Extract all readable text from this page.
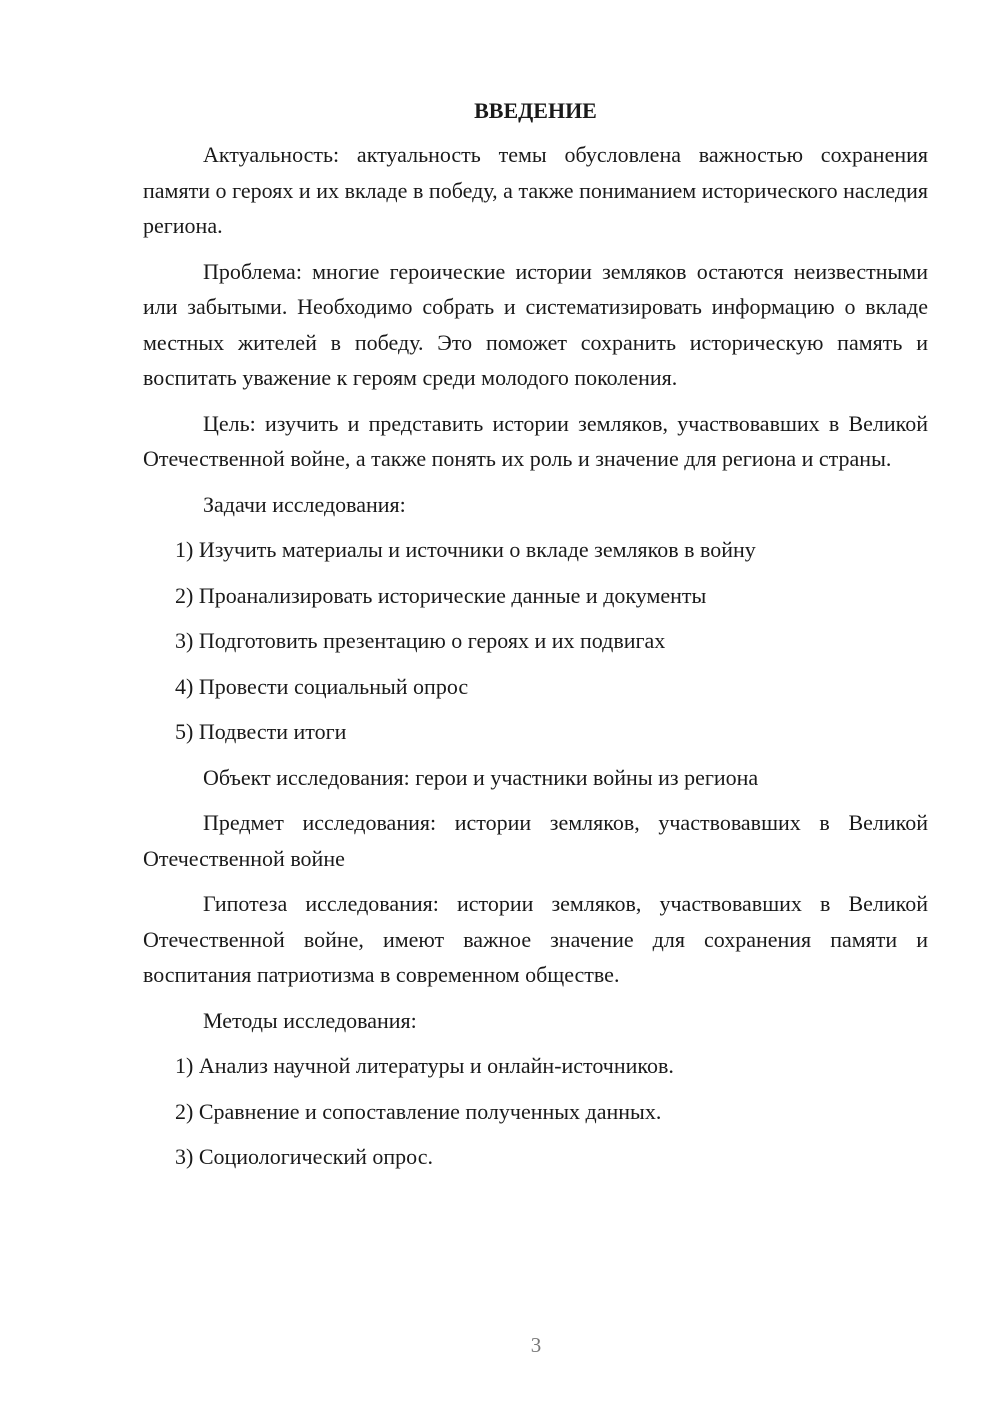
ВВЕДЕНИЕ

Актуальность: актуальность темы обусловлена важностью сохранения памяти о героях и их вкладе в победу, а также пониманием исторического наследия региона.

Проблема: многие героические истории земляков остаются неизвестными или забытыми. Необходимо собрать и систематизировать информацию о вкладе местных жителей в победу. Это поможет сохранить историческую память и воспитать уважение к героям среди молодого поколения.

Цель: изучить и представить истории земляков, участвовавших в Великой Отечественной войне, а также понять их роль и значение для региона и страны.

Задачи исследования:

1) Изучить материалы и источники о вкладе земляков в войну

2) Проанализировать исторические данные и документы

3) Подготовить презентацию о героях и их подвигах

4) Провести социальный опрос

5) Подвести итоги

Объект исследования: герои и участники войны из региона

Предмет исследования: истории земляков, участвовавших в Великой Отечественной войне

Гипотеза исследования: истории земляков, участвовавших в Великой Отечественной войне, имеют важное значение для сохранения памяти и воспитания патриотизма в современном обществе.

Методы исследования:

1) Анализ научной литературы и онлайн-источников.

2) Сравнение и сопоставление полученных данных.

3) Социологический опрос.

3
